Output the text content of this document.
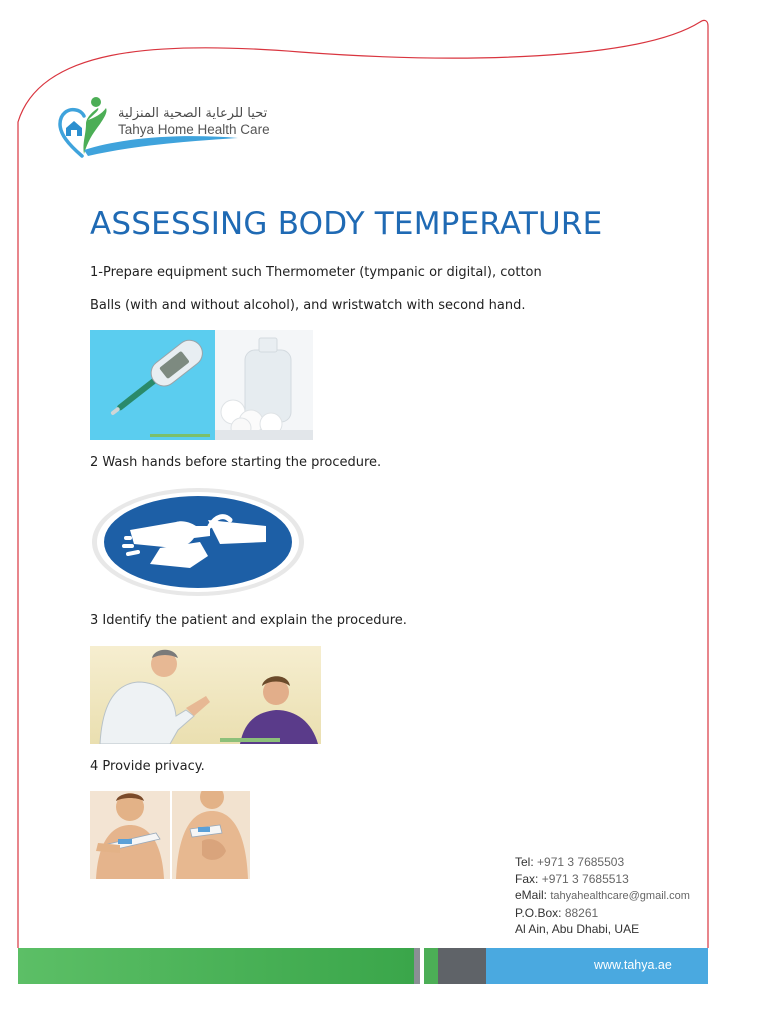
تحيا للرعاية الصحية المنزلية
Tahya Home Health Care
ASSESSING BODY TEMPERATURE
1-Prepare equipment such Thermometer (tympanic or digital), cotton
Balls (with and without alcohol), and wristwatch with second hand.
2 Wash hands before starting the procedure.
3 Identify the patient and explain the procedure.
4 Provide privacy.
Tel: +971 3 7685503
Fax: +971 3 7685513
eMail: tahyahealthcare@gmail.com
P.O.Box: 88261
Al Ain, Abu Dhabi, UAE
www.tahya.ae
